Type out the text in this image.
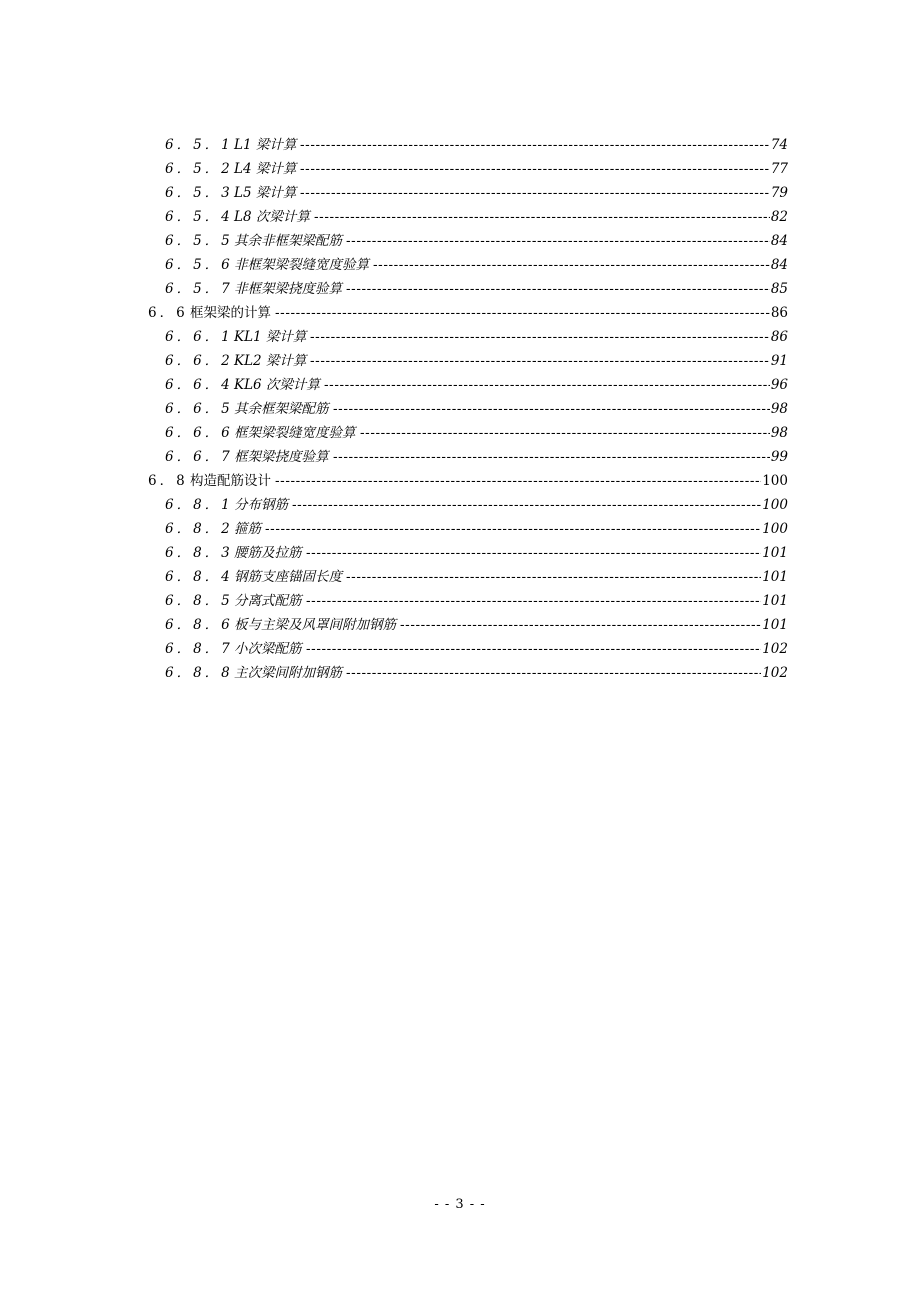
6．5．1 L1 梁计算 -----	74
6．5．2 L4 梁计算 -----	77
6．5．3 L5 梁计算 -----	79
6．5．4 L8 次梁计算 -----	82
6．5．5 其余非框架梁配筋 -----	84
6．5．6 非框架梁裂缝宽度验算 -----	84
6．5．7 非框架梁挠度验算 -----	85
6．6 框架梁的计算 -----	86
6．6．1 KL1 梁计算 -----	86
6．6．2 KL2 梁计算 -----	91
6．6．4 KL6 次梁计算 -----	96
6．6．5 其余框架梁配筋 -----	98
6．6．6 框架梁裂缝宽度验算 -----	98
6．6．7 框架梁挠度验算 -----	99
6．8 构造配筋设计 -----	100
6．8．1 分布钢筋 -----	100
6．8．2 箍筋 -----	100
6．8．3 腰筋及拉筋 -----	101
6．8．4 钢筋支座锚固长度 -----	101
6．8．5 分离式配筋 -----	101
6．8．6 板与主梁及风罩间附加钢筋 -----	101
6．8．7 小次梁配筋 -----	102
6．8．8 主次梁间附加钢筋 -----	102
- - 3 - -
